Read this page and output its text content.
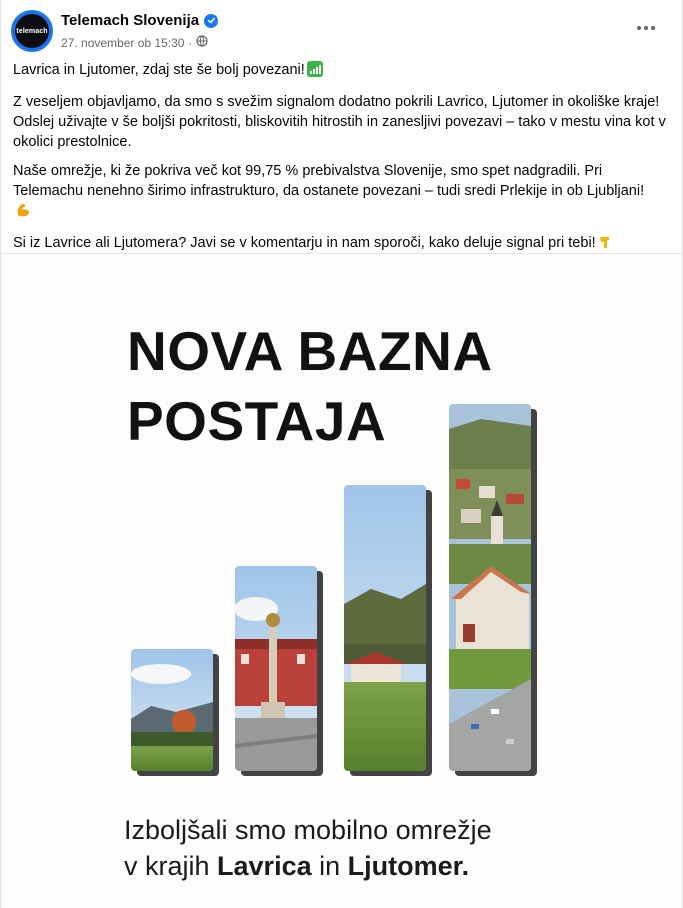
telemach
Telemach Slovenija
27. november ob 15:30 ·

Lavrica in Ljutomer, zdaj ste še bolj povezani!

Z veseljem objavljamo, da smo s svežim signalom dodatno pokrili Lavrico, Ljutomer in okoliške kraje! Odslej uživajte v še boljši pokritosti, bliskovitih hitrostih in zanesljivi povezavi – tako v mestu vina kot v okolici prestolnice.

Naše omrežje, ki že pokriva več kot 99,75 % prebivalstva Slovenije, smo spet nadgradili. Pri Telemachu nenehno širimo infrastrukturo, da ostanete povezani – tudi sredi Prlekije in ob Ljubljani!

Si iz Lavrice ali Ljutomera? Javi se v komentarju in nam sporoči, kako deluje signal pri tebi!

NOVA BAZNA
POSTAJA
Izboljšali smo mobilno omrežje
v krajih Lavrica in Ljutomer.
